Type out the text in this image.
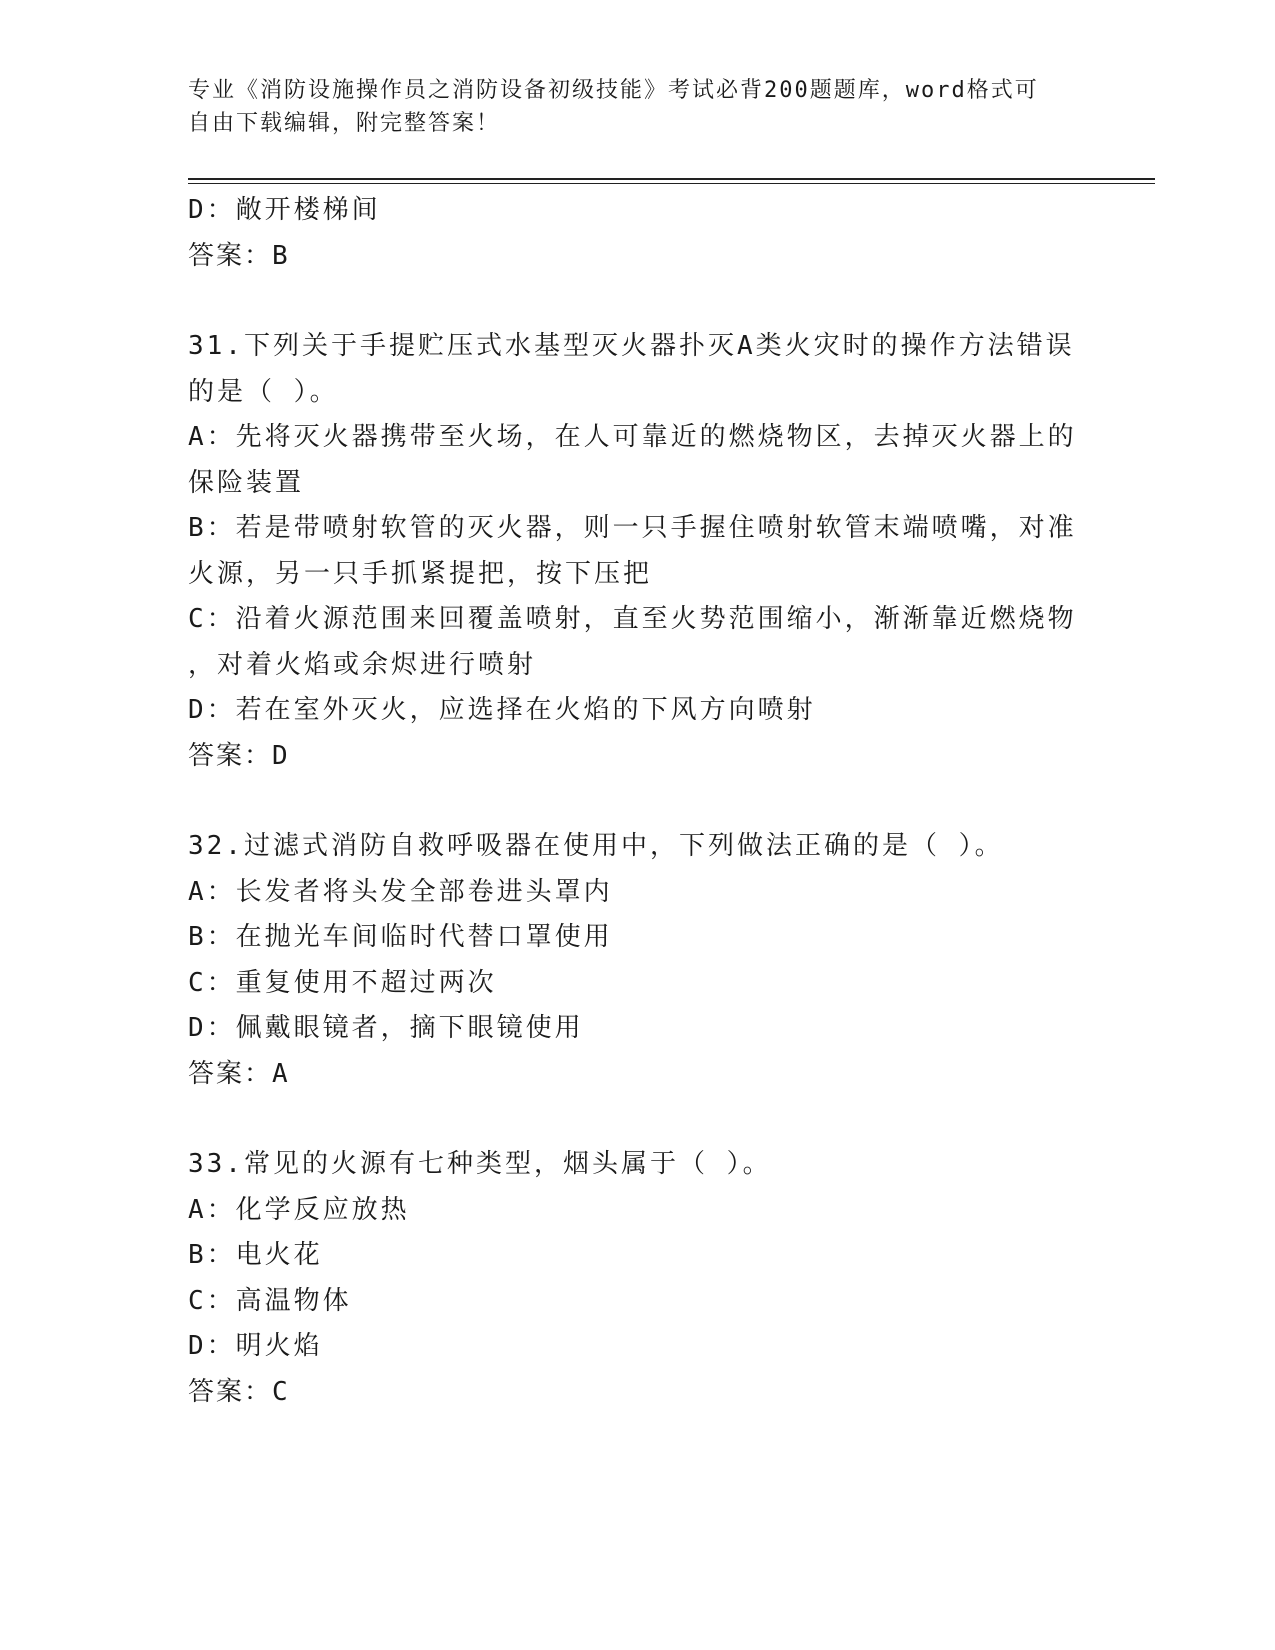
专业《消防设施操作员之消防设备初级技能》考试必背200题题库，word格式可
自由下载编辑，附完整答案！
D：敞开楼梯间
答案：B
31.下列关于手提贮压式水基型灭火器扑灭A类火灾时的操作方法错误
的是（ ）。
A：先将灭火器携带至火场，在人可靠近的燃烧物区，去掉灭火器上的
保险装置
B：若是带喷射软管的灭火器，则一只手握住喷射软管末端喷嘴，对准
火源，另一只手抓紧提把，按下压把
C：沿着火源范围来回覆盖喷射，直至火势范围缩小，渐渐靠近燃烧物
，对着火焰或余烬进行喷射
D：若在室外灭火，应选择在火焰的下风方向喷射
答案：D
32.过滤式消防自救呼吸器在使用中，下列做法正确的是（ ）。
A：长发者将头发全部卷进头罩内
B：在抛光车间临时代替口罩使用
C：重复使用不超过两次
D：佩戴眼镜者，摘下眼镜使用
答案：A
33.常见的火源有七种类型，烟头属于（ ）。
A：化学反应放热
B：电火花
C：高温物体
D：明火焰
答案：C
